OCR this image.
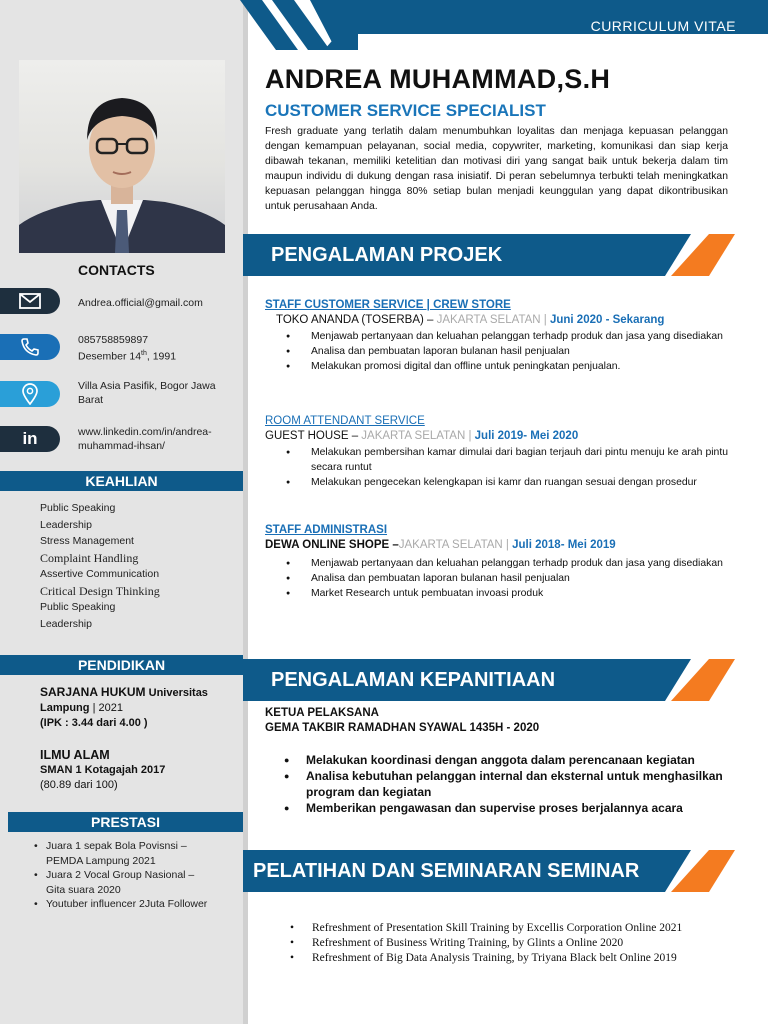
CONTACTS
Andrea.official@gmail.com
085758859897
Desember 14th, 1991
Villa Asia Pasifik, Bogor Jawa Barat
in	www.linkedin.com/in/andrea-muhammad-ihsan/
KEAHLIAN
Public Speaking
Leadership
Stress Management
Complaint Handling
Assertive Communication
Critical Design Thinking
Public Speaking
Leadership
PENDIDIKAN
SARJANA HUKUM Universitas Lampung | 2021
(IPK : 3.44 dari 4.00 )
ILMU ALAM
SMAN 1 Kotagajah 2017
(80.89 dari 100)
PRESTASI
• Juara 1 sepak Bola Povisnsi – PEMDA Lampung 2021
• Juara 2 Vocal Group Nasional – Gita suara 2020
• Youtuber influencer 2Juta Follower
CURRICULUM VITAE
ANDREA MUHAMMAD,S.H
CUSTOMER SERVICE SPECIALIST
Fresh graduate yang terlatih dalam menumbuhkan loyalitas dan menjaga kepuasan pelanggan dengan kemampuan pelayanan, social media, copywriter, marketing, komunikasi dan siap kerja dibawah tekanan, memiliki ketelitian dan motivasi diri yang sangat baik untuk bekerja dalam tim maupun individu di dukung dengan rasa inisiatif. Di peran sebelumnya terbukti telah meningkatkan kepuasan pelanggan hingga 80% setiap bulan menjadi keunggulan yang dapat dikontribusikan untuk perusahaan Anda.
PENGALAMAN PROJEK
STAFF CUSTOMER SERVICE | CREW STORE
TOKO ANANDA (TOSERBA) – JAKARTA SELATAN | Juni 2020 - Sekarang
● Menjawab pertanyaan dan keluahan pelanggan terhadp produk dan jasa yang disediakan
● Analisa dan pembuatan laporan bulanan hasil penjualan
● Melakukan promosi digital dan offline untuk peningkatan penjualan.
ROOM ATTENDANT SERVICE
GUEST HOUSE – JAKARTA SELATAN | Juli 2019- Mei 2020
● Melakukan pembersihan kamar dimulai dari bagian terjauh dari pintu menuju ke arah pintu secara runtut
● Melakukan pengecekan kelengkapan isi kamr dan ruangan sesuai dengan prosedur
STAFF ADMINISTRASI
DEWA ONLINE SHOPE –JAKARTA SELATAN | Juli 2018- Mei 2019
● Menjawab pertanyaan dan keluahan pelanggan terhadp produk dan jasa yang disediakan
● Analisa dan pembuatan laporan bulanan hasil penjualan
● Market Research untuk pembuatan invoasi produk
PENGALAMAN KEPANITIAAN
KETUA PELAKSANA
GEMA TAKBIR RAMADHAN SYAWAL 1435H - 2020
● Melakukan koordinasi dengan anggota dalam perencanaan kegiatan
● Analisa kebutuhan pelanggan internal dan eksternal untuk menghasilkan program dan kegiatan
● Memberikan pengawasan dan supervise proses berjalannya acara
PELATIHAN DAN SEMINARAN SEMINAR
• Refreshment of Presentation Skill Training by Excellis Corporation Online 2021
• Refreshment of Business Writing Training, by Glints a Online 2020
• Refreshment of Big Data Analysis Training, by Triyana Black belt Online 2019
